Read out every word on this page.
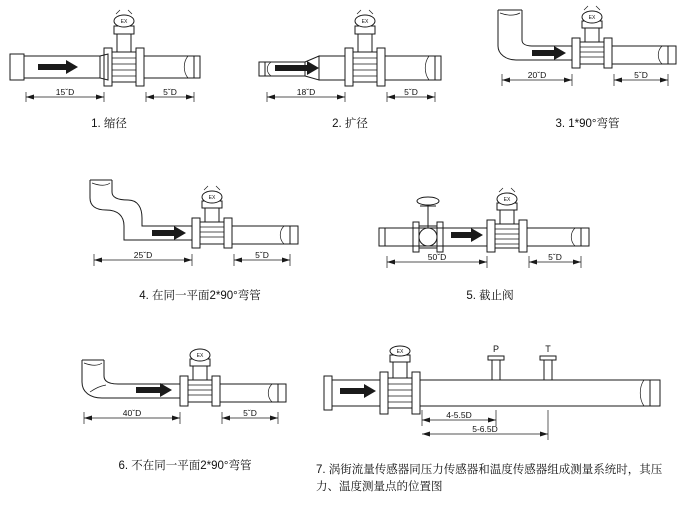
EX
15ˇD	5ˇD
1. 缩径
EX
18ˇD	5ˇD
2. 扩径
EX
20ˇD	5ˇD
3. 1*90°弯管
EX
25ˇD	5ˇD
4. 在同一平面2*90°弯管
EX
50ˇD	5ˇD
5. 截止阀
EX
40ˇD	5ˇD
6. 不在同一平面2*90°弯管
EX	P	T
4-5.5D
5-6.5D
7. 涡街流量传感器同压力传感器和温度传感器组成测量系统时，其压力、温度测量点的位置图
